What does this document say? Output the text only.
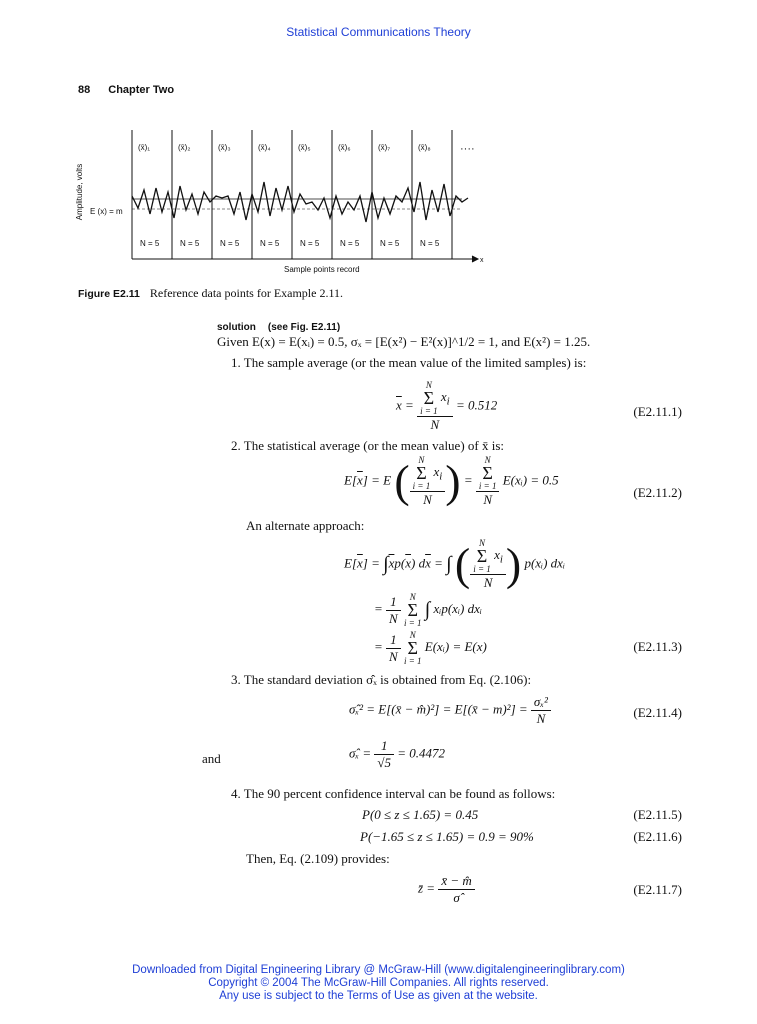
Statistical Communications Theory
88 Chapter Two
(x̄)₁	(x̄)₂	(x̄)₃	(x̄)₄	(x̄)₅	(x̄)₆	(x̄)₇	(x̄)₈
N = 5	N = 5	N = 5	N = 5	N = 5	N = 5	N = 5	N = 5
····
E (x) = m
Sample points record
x
Amplitude, volts
Figure E2.11 Reference data points for Example 2.11.
solution (see Fig. E2.11)
Given E(x) = E(xᵢ) = 0.5, σₓ = [E(x²) − E²(x)]^1/2 = 1, and E(x²) = 1.25.
1. The sample average (or the mean value of the limited samples) is:
$\overline{x} = N$
Σ
i = 1
$x_i$
N = 0.512	(E2.11.1)
2. The statistical average (or the mean value) of x̄ is:
$E[\overline{x}] = E$ ( N
Σ
i = 1
$x_i$
N ) = N
Σ
i = 1
N E(xᵢ) = 0.5
(E2.11.2)
An alternate approach:
$E[\overline{x}] = \int\overline{x}p(\overline{x}) d\overline{x}$ = ∫ ( N
Σ
i = 1
$x_i$
N ) p(xᵢ) dxᵢ
= $\frac{1}{N}$
	N
Σ
i = 1
∫ xᵢp(xᵢ) dxᵢ
= $\frac{1}{N}$
	N
Σ
i = 1
E(xᵢ) = E(x)	(E2.11.3)
3. The standard deviation σ̂ₓ is obtained from Eq. (2.106):
σ̂ₓ² = E[(x̄ − m̂)²] = E[(x̄ − $m)^2] = \frac{\text{σₓ²}}{N}$	(E2.11.4)
and	σ̂ₓ = $\frac{1}{√5} = 0.4472$
4. The 90 percent confidence interval can be found as follows:
P(0 ≤ z ≤ 1.65) = 0.45	(E2.11.5)
P(−1.65 ≤ z ≤ 1.65) = 0.9 = 90%	(E2.11.6)
Then, Eq. (2.109) provides:
z̄ = $\frac{x̄ - m̂}{\sigmâ}$	(E2.11.7)
Downloaded from Digital Engineering Library @ McGraw-Hill (www.digitalengineeringlibrary.com)
Copyright © 2004 The McGraw-Hill Companies. All rights reserved.
Any use is subject to the Terms of Use as given at the website.
